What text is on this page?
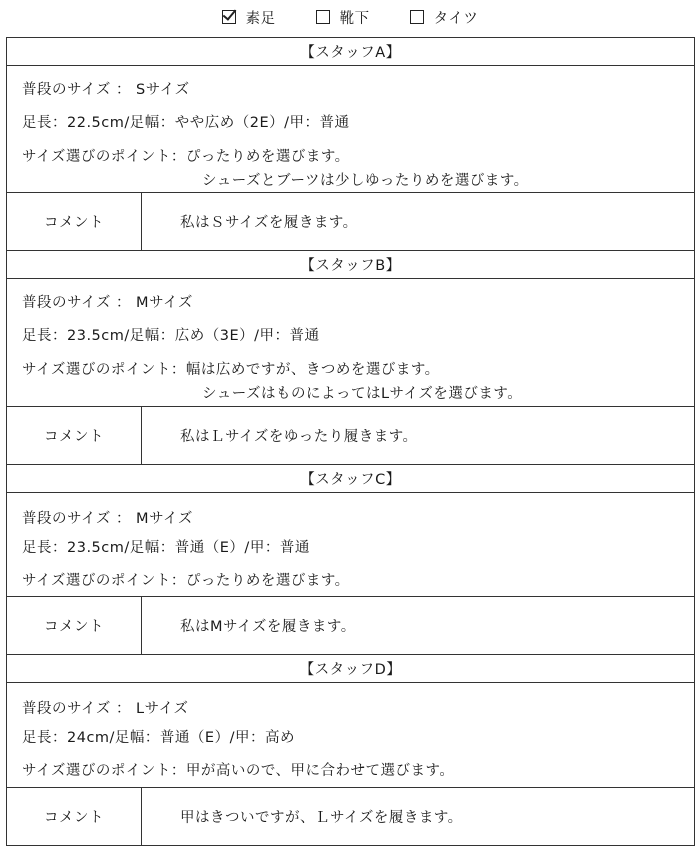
素足	靴下	タイツ
【スタッフA】
普段のサイズ ： Sサイズ
足長：22.5cm/足幅：やや広め（2E）/甲：普通
サイズ選びのポイント：ぴったりめを選びます。
シューズとブーツは少しゆったりめを選びます。
コメント	私はＳサイズを履きます。
【スタッフB】
普段のサイズ ： Mサイズ
足長：23.5cm/足幅：広め（3E）/甲：普通
サイズ選びのポイント：幅は広めですが、きつめを選びます。
シューズはものによってはLサイズを選びます。
コメント	私はＬサイズをゆったり履きます。
【スタッフC】
普段のサイズ ： Mサイズ
足長：23.5cm/足幅：普通（E）/甲：普通
サイズ選びのポイント：ぴったりめを選びます。
コメント	私はMサイズを履きます。
【スタッフD】
普段のサイズ ： Lサイズ
足長：24cm/足幅：普通（E）/甲：高め
サイズ選びのポイント：甲が高いので、甲に合わせて選びます。
コメント	甲はきついですが、Ｌサイズを履きます。
